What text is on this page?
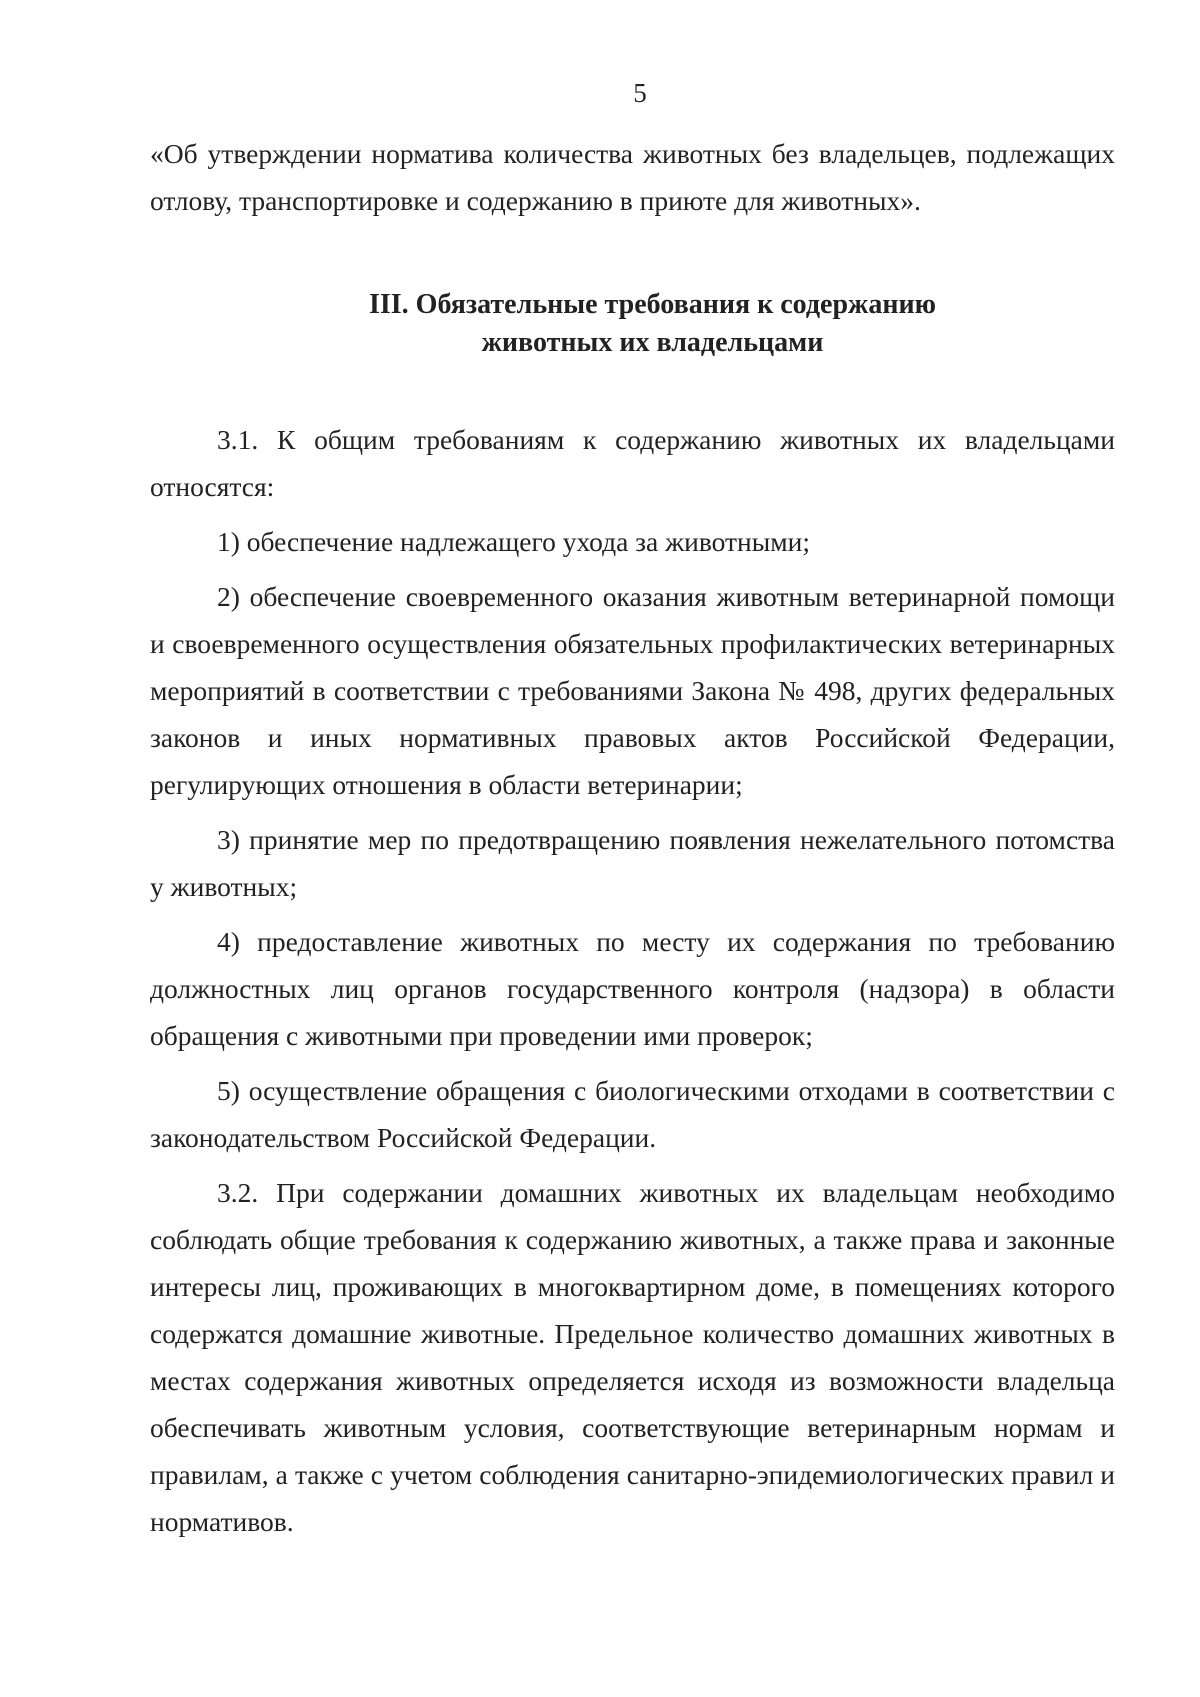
5

«Об утверждении норматива количества животных без владельцев, подлежащих отлову, транспортировке и содержанию в приюте для животных».

III. Обязательные требования к содержанию
животных их владельцами

3.1. К общим требованиям к содержанию животных их владельцами относятся:

1) обеспечение надлежащего ухода за животными;

2) обеспечение своевременного оказания животным ветеринарной помощи и своевременного осуществления обязательных профилактических ветеринарных мероприятий в соответствии с требованиями Закона № 498, других федеральных законов и иных нормативных правовых актов Российской Федерации, регулирующих отношения в области ветеринарии;

3) принятие мер по предотвращению появления нежелательного потомства у животных;

4) предоставление животных по месту их содержания по требованию должностных лиц органов государственного контроля (надзора) в области обращения с животными при проведении ими проверок;

5) осуществление обращения с биологическими отходами в соответствии с законодательством Российской Федерации.

3.2. При содержании домашних животных их владельцам необходимо соблюдать общие требования к содержанию животных, а также права и законные интересы лиц, проживающих в многоквартирном доме, в помещениях которого содержатся домашние животные. Предельное количество домашних животных в местах содержания животных определяется исходя из возможности владельца обеспечивать животным условия, соответствующие ветеринарным нормам и правилам, а также с учетом соблюдения санитарно-эпидемиологических правил и нормативов.
